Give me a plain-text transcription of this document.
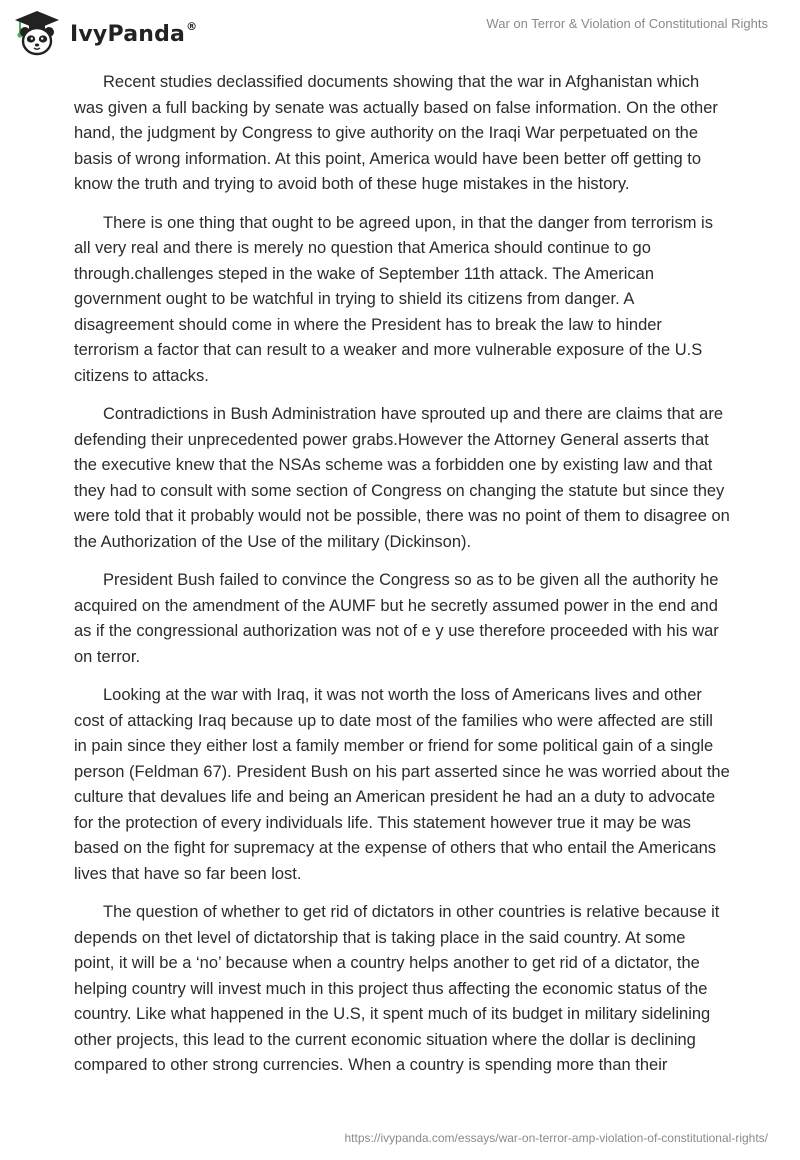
IvyPanda®	War on Terror & Violation of Constitutional Rights

Recent studies declassified documents showing that the war in Afghanistan which was given a full backing by senate was actually based on false information. On the other hand, the judgment by Congress to give authority on the Iraqi War perpetuated on the basis of wrong information. At this point, America would have been better off getting to know the truth and trying to avoid both of these huge mistakes in the history.

There is one thing that ought to be agreed upon, in that the danger from terrorism is all very real and there is merely no question that America should continue to go through.challenges steped in the wake of September 11th attack. The American government ought to be watchful in trying to shield its citizens from danger. A disagreement should come in where the President has to break the law to hinder terrorism a factor that can result to a weaker and more vulnerable exposure of the U.S citizens to attacks.

Contradictions in Bush Administration have sprouted up and there are claims that are defending their unprecedented power grabs.However the Attorney General asserts that the executive knew that the NSAs scheme was a forbidden one by existing law and that they had to consult with some section of Congress on changing the statute but since they were told that it probably would not be possible, there was no point of them to disagree on the Authorization of the Use of the military (Dickinson).

President Bush failed to convince the Congress so as to be given all the authority he acquired on the amendment of the AUMF but he secretly assumed power in the end and as if the congressional authorization was not of e y use therefore proceeded with his war on terror.

Looking at the war with Iraq, it was not worth the loss of Americans lives and other cost of attacking Iraq because up to date most of the families who were affected are still in pain since they either lost a family member or friend for some political gain of a single person (Feldman 67). President Bush on his part asserted since he was worried about the culture that devalues life and being an American president he had an a duty to advocate for the protection of every individuals life. This statement however true it may be was based on the fight for supremacy at the expense of others that who entail the Americans lives that have so far been lost.

The question of whether to get rid of dictators in other countries is relative because it depends on thet level of dictatorship that is taking place in the said country. At some point, it will be a ‘no’ because when a country helps another to get rid of a dictator, the helping country will invest much in this project thus affecting the economic status of the country. Like what happened in the U.S, it spent much of its budget in military sidelining other projects, this lead to the current economic situation where the dollar is declining compared to other strong currencies. When a country is spending more than their

https://ivypanda.com/essays/war-on-terror-amp-violation-of-constitutional-rights/
